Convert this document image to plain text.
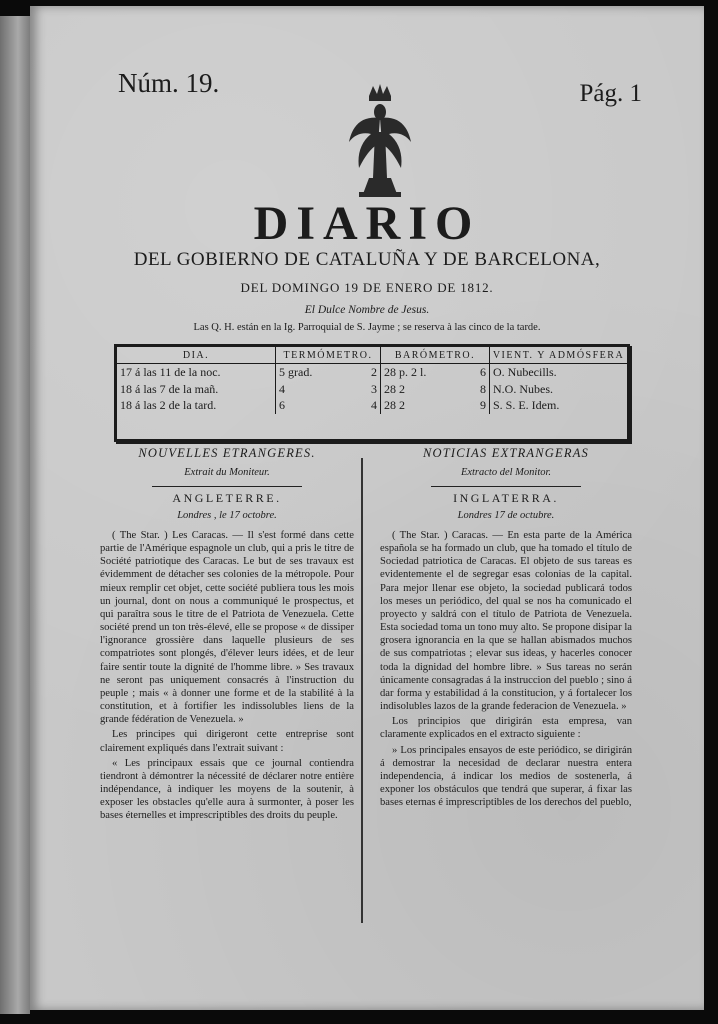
Núm. 19.	Pág. 1
DIARIO
DEL GOBIERNO DE CATALUÑA Y DE BARCELONA,
DEL DOMINGO 19 DE ENERO DE 1812.
El Dulce Nombre de Jesus.
Las Q. H. están en la Ig. Parroquial de S. Jayme ; se reserva à las cinco de la tarde.
DIA.	TERMÓMETRO.	BARÓMETRO.	VIENT. Y ADMÓSFERA
17 á las 11 de la noc.	5 grad. 2	28 p. 2 l. 6	O. Nubecills.
18 á las 7 de la mañ.	4 3	28 2 8	N.O. Nubes.
18 á las 2 de la tard.	6 4	28 2 9	S. S. E. Idem.
NOUVELLES ETRANGERES.
Extrait du Moniteur.
ANGLETERRE.
Londres , le 17 octobre.

( The Star. ) Les Caracas. — Il s'est formé dans cette partie de l'Amérique espagnole un club, qui a pris le titre de Société patriotique des Caracas. Le but de ses travaux est évidemment de détacher ses colonies de la métropole. Pour mieux remplir cet objet, cette société publiera tous les mois un journal, dont on nous a communiqué le prospectus, et qui paraîtra sous le titre de el Patriota de Venezuela. Cette société prend un ton très-élevé, elle se propose « de dissiper l'ignorance grossière dans laquelle plusieurs de ses compatriotes sont plongés, d'élever leurs idées, et de leur faire sentir toute la dignité de l'homme libre. » Ses travaux ne seront pas uniquement consacrés à l'instruction du peuple ; mais « à donner une forme et de la stabilité à la constitution, et à fortifier les indissolubles liens de la grande fédération de Venezuela. »

Les principes qui dirigeront cette entreprise sont clairement expliqués dans l'extrait suivant :

« Les principaux essais que ce journal contiendra tiendront à démontrer la nécessité de déclarer notre entière indépendance, à indiquer les moyens de la soutenir, à exposer les obstacles qu'elle aura à surmonter, à poser les bases éternelles et imprescriptibles des droits du peuple.

NOTICIAS EXTRANGERAS
Extracto del Monitor.
INGLATERRA.
Londres 17 de octubre.

( The Star. ) Caracas. — En esta parte de la América española se ha formado un club, que ha tomado el título de Sociedad patriotica de Caracas. El objeto de sus tareas es evidentemente el de segregar esas colonias de la capital. Para mejor llenar ese objeto, la sociedad publicará todos los meses un periódico, del qual se nos ha comunicado el proyecto y saldrá con el título de Patriota de Venezuela. Esta sociedad toma un tono muy alto. Se propone disipar la grosera ignorancia en la que se hallan abismados muchos de sus compatriotas ; elevar sus ideas, y hacerles conocer toda la dignidad del hombre libre. » Sus tareas no serán únicamente consagradas á la instruccion del pueblo ; sino á dar forma y estabilidad á la constitucion, y á fortalecer los indisolubles lazos de la grande federacion de Venezuela. »

Los principios que dirigirán esta empresa, van claramente explicados en el extracto siguiente :

» Los principales ensayos de este periódico, se dirigirán á demostrar la necesidad de declarar nuestra entera independencia, á indicar los medios de sostenerla, á exponer los obstáculos que tendrá que superar, á fixar las bases eternas é imprescriptibles de los derechos del pueblo,
